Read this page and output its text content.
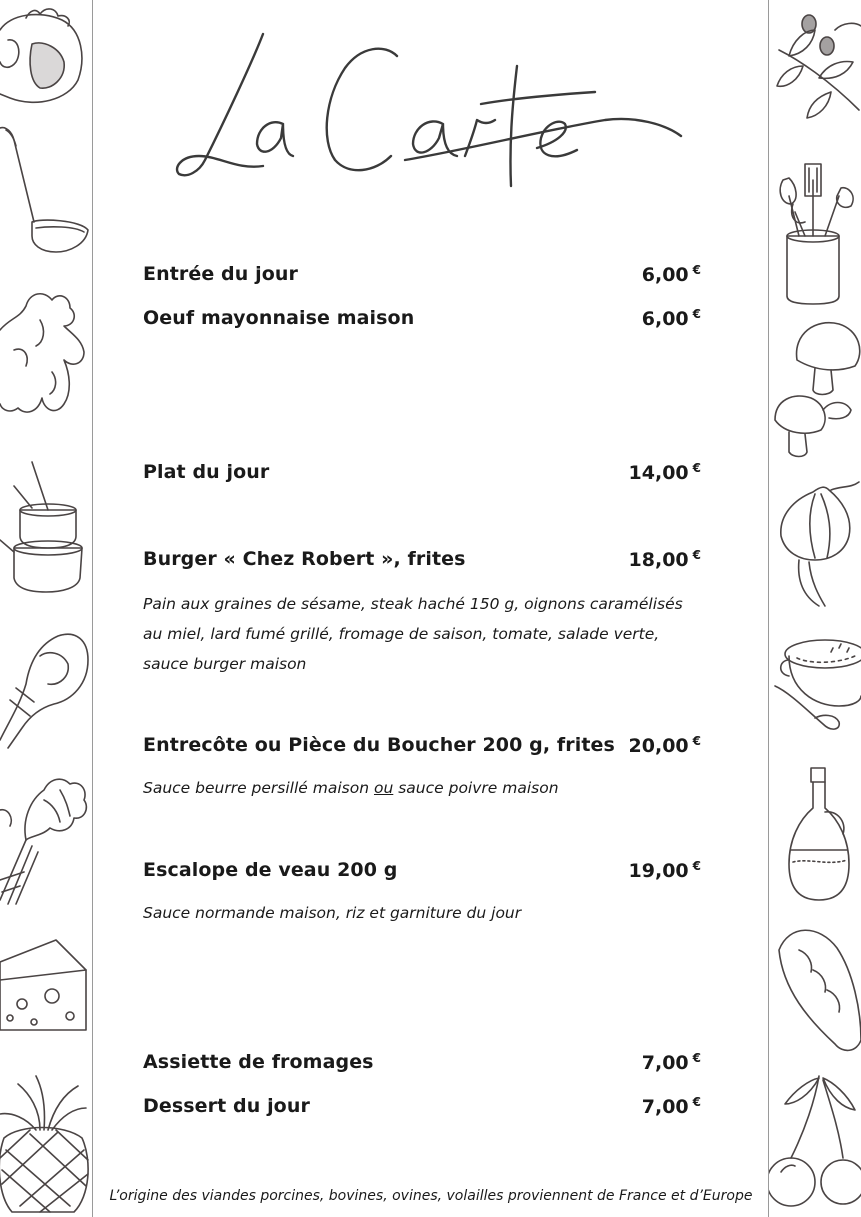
Entrée du jour	6,00 €
Oeuf mayonnaise maison	6,00 €
Plat du jour	14,00 €
Burger « Chez Robert », frites	18,00 €
Pain aux graines de sésame, steak haché 150 g, oignons caramélisés
au miel, lard fumé grillé, fromage de saison, tomate, salade verte,
sauce burger maison
Entrecôte ou Pièce du Boucher 200 g, frites 20,00 €
Sauce beurre persillé maison ou sauce poivre maison
Escalope de veau 200 g	19,00 €
Sauce normande maison, riz et garniture du jour
Assiette de fromages	7,00 €
Dessert du jour	7,00 €
L’origine des viandes porcines, bovines, ovines, volailles proviennent de France et d’Europe
